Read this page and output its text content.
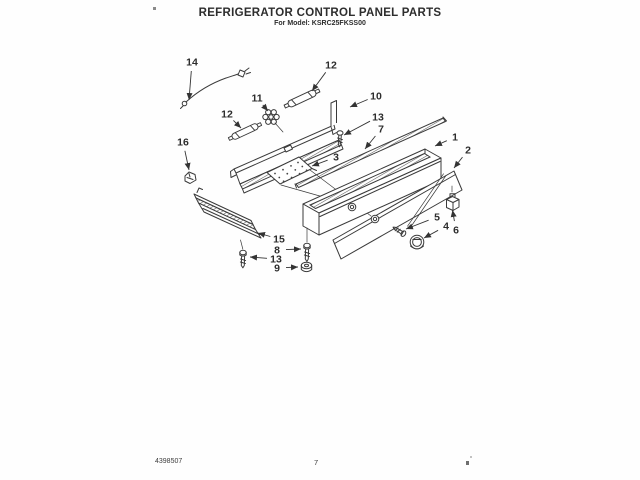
REFRIGERATOR CONTROL PANEL PARTS
For Model: KSRC25FKSS00
14	12
11
12
10
13
7
3
1
2
16
15
8
13
9
5
4 6
4398507	7
